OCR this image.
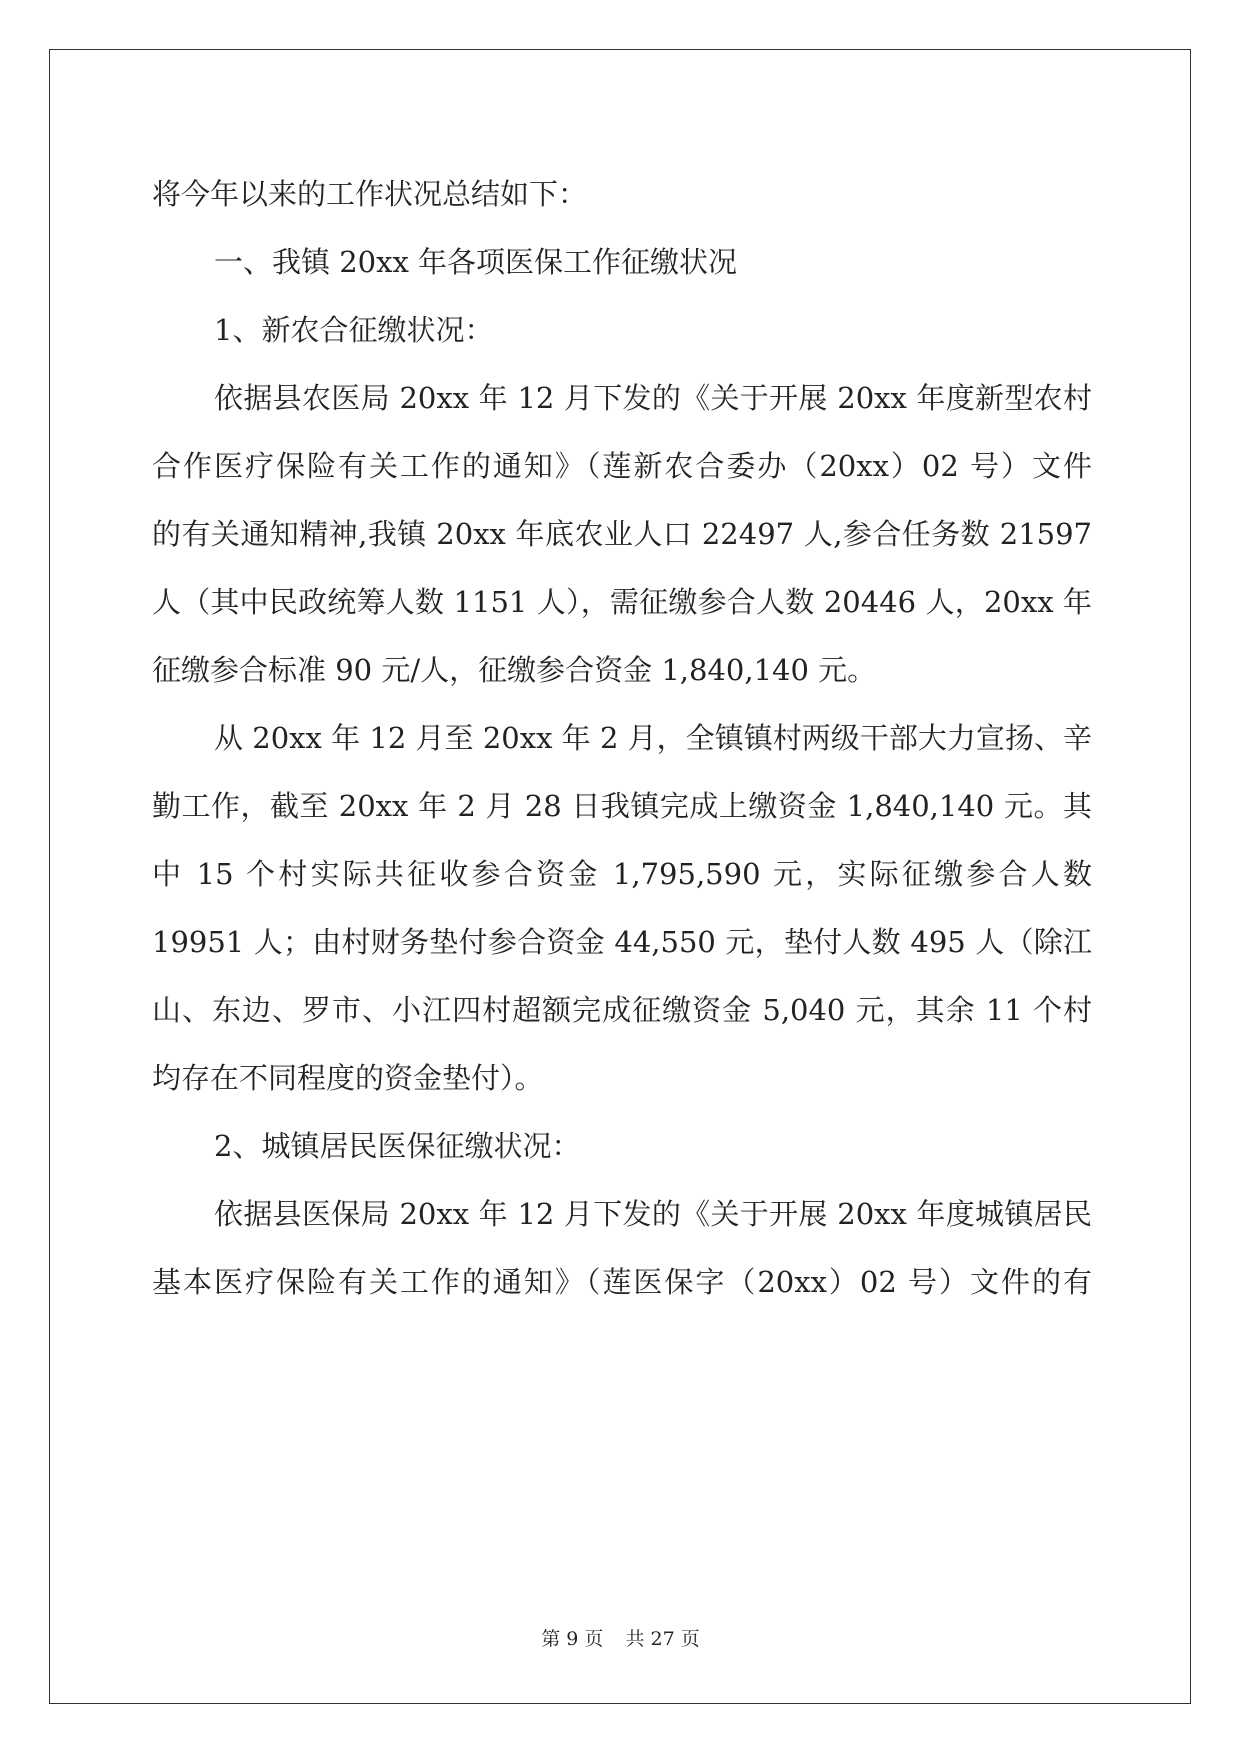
将今年以来的工作状况总结如下：
一、我镇 20xx 年各项医保工作征缴状况
1、新农合征缴状况：
依据县农医局 20xx 年 12 月下发的《关于开展 20xx 年度新型农村
合作医疗保险有关工作的通知》（莲新农合委办（20xx）02 号）文件
的有关通知精神,我镇 20xx 年底农业人口 22497 人,参合任务数 21597
人（其中民政统筹人数 1151 人），需征缴参合人数 20446 人，20xx 年
征缴参合标准 90 元/人，征缴参合资金 1,840,140 元。
从 20xx 年 12 月至 20xx 年 2 月，全镇镇村两级干部大力宣扬、辛
勤工作，截至 20xx 年 2 月 28 日我镇完成上缴资金 1,840,140 元。其
中 15 个村实际共征收参合资金 1,795,590 元，实际征缴参合人数
19951 人；由村财务垫付参合资金 44,550 元，垫付人数 495 人（除江
山、东边、罗市、小江四村超额完成征缴资金 5,040 元，其余 11 个村
均存在不同程度的资金垫付）。
2、城镇居民医保征缴状况：
依据县医保局 20xx 年 12 月下发的《关于开展 20xx 年度城镇居民
基本医疗保险有关工作的通知》（莲医保字（20xx）02 号）文件的有
第 9 页 共 27 页
